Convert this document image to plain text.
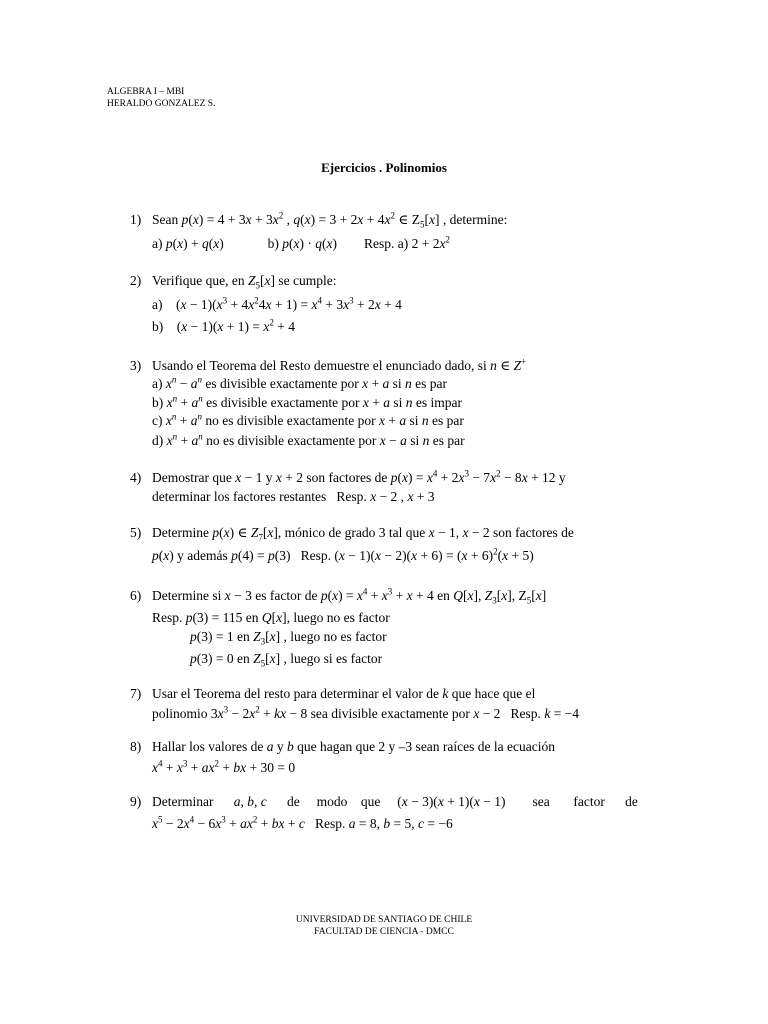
ALGEBRA I – MBI
HERALDO GONZALEZ S.
Ejercicios . Polinomios
1) Sean $p(x) = 4 + 3x + 3x^2$ , $q(x) = 3 + 2x + 4x^2$ ∈ $Z_5[x]$ , determine:
a) p(x) + q(x)             b) p(x) · q(x)        Resp. a) $2 + 2x^2$
2) Verifique que, en $Z_5[x]$ se cumple:
a)    $(x - 1)(x^3 + 4x^24x + 1) = x^4 + 3x^3 + 2x + 4$
b)    $(x - 1)(x + 1) = x^2 + 4$
3) Usando el Teorema del Resto demuestre el enunciado dado, si n ∈ Z+
a) $x^n - a^n$ es divisible exactamente por x + a si n es par
b) $x^n + a^n$ es divisible exactamente por x + a si n es impar
c) $x^n + a^n$ no es divisible exactamente por x + a si n es par
d) $x^n + a^n$ no es divisible exactamente por x − a si n es par
4) Demostrar que x − 1 y x + 2 son factores de $p(x) = x^4 + 2x^3 - 7x^2 - 8x + 12$ y
determinar los factores restantes   Resp. x − 2 , x + 3
5) Determine p(x) ∈ $Z_7[x]$, mónico de grado 3 tal que x − 1, x − 2 son factores de
p(x) y además p(4) = p(3)   Resp. $(x - 1)(x - 2)(x + 6) = (x + 6)^2(x + 5)$
6) Determine si x − 3 es factor de $p(x) = x^4 + x^3 + x + 4$ en Q[x], $Z_3[x]$, $Z_5[x]$
Resp. p(3) = 115 en Q[x], luego no es factor
p(3) = 1 en $Z_3[x]$ , luego no es factor
p(3) = 0 en $Z_5[x]$ , luego si es factor
7) Usar el Teorema del resto para determinar el valor de k que hace que el
polinomio $3x^3 - 2x^2$ + kx − 8 sea divisible exactamente por x − 2   Resp. k = −4
8) Hallar los valores de a y b que hagan que 2 y –3 sean raíces de la ecuación
$x^4 + x^3 + ax^2$ + bx + 30 = 0
9) Determinar      a, b, c      de     modo    que     (x − 3)(x + 1)(x − 1)        sea       factor      de
$x^5 - 2x^4 - 6x^3 + ax^2$ + bx + c   Resp. a = 8, b = 5, c = −6
UNIVERSIDAD DE SANTIAGO DE CHILE
FACULTAD DE CIENCIA - DMCC
